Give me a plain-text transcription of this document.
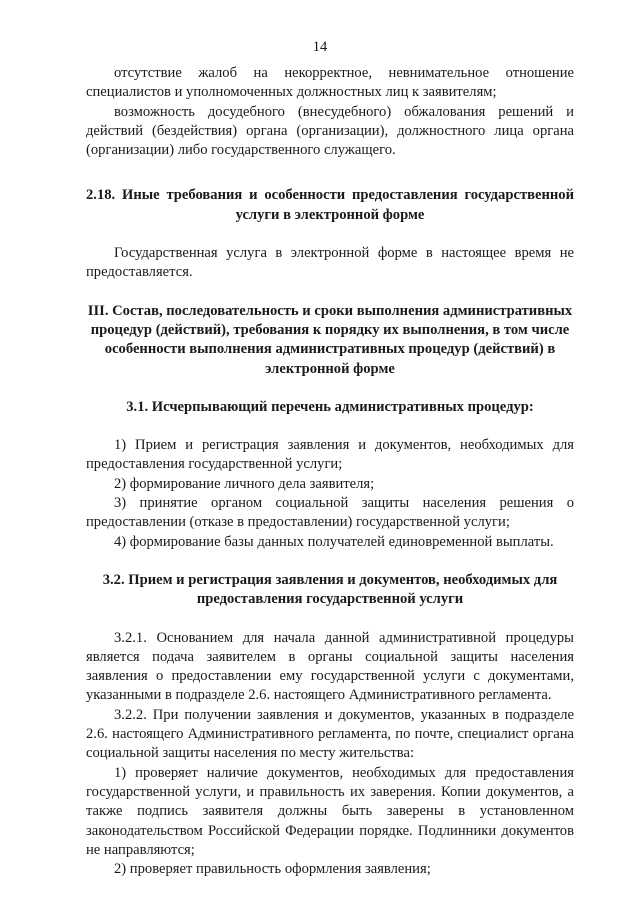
14

отсутствие жалоб на некорректное, невнимательное отношение специалистов и уполномоченных должностных лиц к заявителям;

возможность досудебного (внесудебного) обжалования решений и действий (бездействия) органа (организации), должностного лица органа (организации) либо государственного служащего.

2.18. Иные требования и особенности предоставления государственной услуги в электронной форме

Государственная услуга в электронной форме в настоящее время не предоставляется.

III. Состав, последовательность и сроки выполнения административных процедур (действий), требования к порядку их выполнения, в том числе особенности выполнения административных процедур (действий) в электронной форме
3.1. Исчерпывающий перечень административных процедур:

1) Прием и регистрация заявления и документов, необходимых для предоставления государственной услуги;

2) формирование личного дела заявителя;

3) принятие органом социальной защиты населения решения о предоставлении (отказе в предоставлении) государственной услуги;

4) формирование базы данных получателей единовременной выплаты.

3.2. Прием и регистрация заявления и документов, необходимых для предоставления государственной услуги

3.2.1. Основанием для начала данной административной процедуры является подача заявителем в органы социальной защиты населения заявления о предоставлении ему государственной услуги с документами, указанными в подразделе 2.6. настоящего Административного регламента.

3.2.2. При получении заявления и документов, указанных в подразделе 2.6. настоящего Административного регламента, по почте, специалист органа социальной защиты населения по месту жительства:

1) проверяет наличие документов, необходимых для предоставления государственной услуги, и правильность их заверения. Копии документов, а также подпись заявителя должны быть заверены в установленном законодательством Российской Федерации порядке. Подлинники документов не направляются;

2) проверяет правильность оформления заявления;
